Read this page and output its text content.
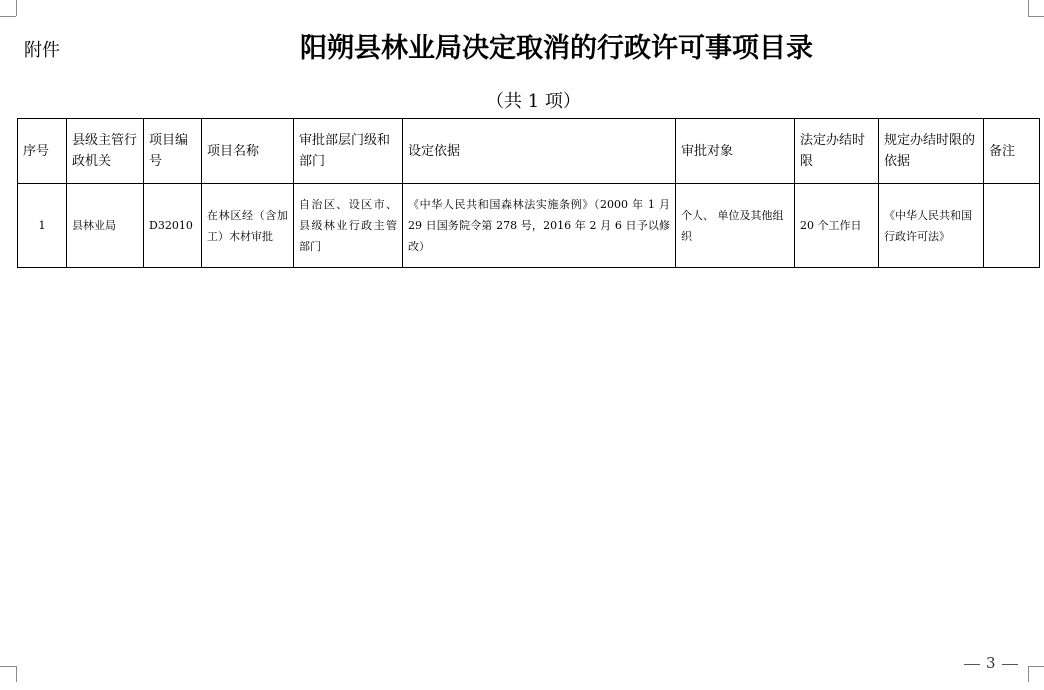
附件	阳朔县林业局决定取消的行政许可事项目录
（共 1 项）
序号	县级主管行政机关	项目编号	项目名称	审批部层门级和部门	设定依据	审批对象	法定办结时限	规定办结时限的依据	备注
1	县林业局	D32010	在林区经（含加工）木材审批	自治区、设区市、县级林业行政主管部门	《中华人民共和国森林法实施条例》（2000 年 1 月 29 日国务院令第 278 号，2016 年 2 月 6 日予以修改）	个人、 单位及其他组织	20 个工作日	《中华人民共和国行政许可法》	
3
